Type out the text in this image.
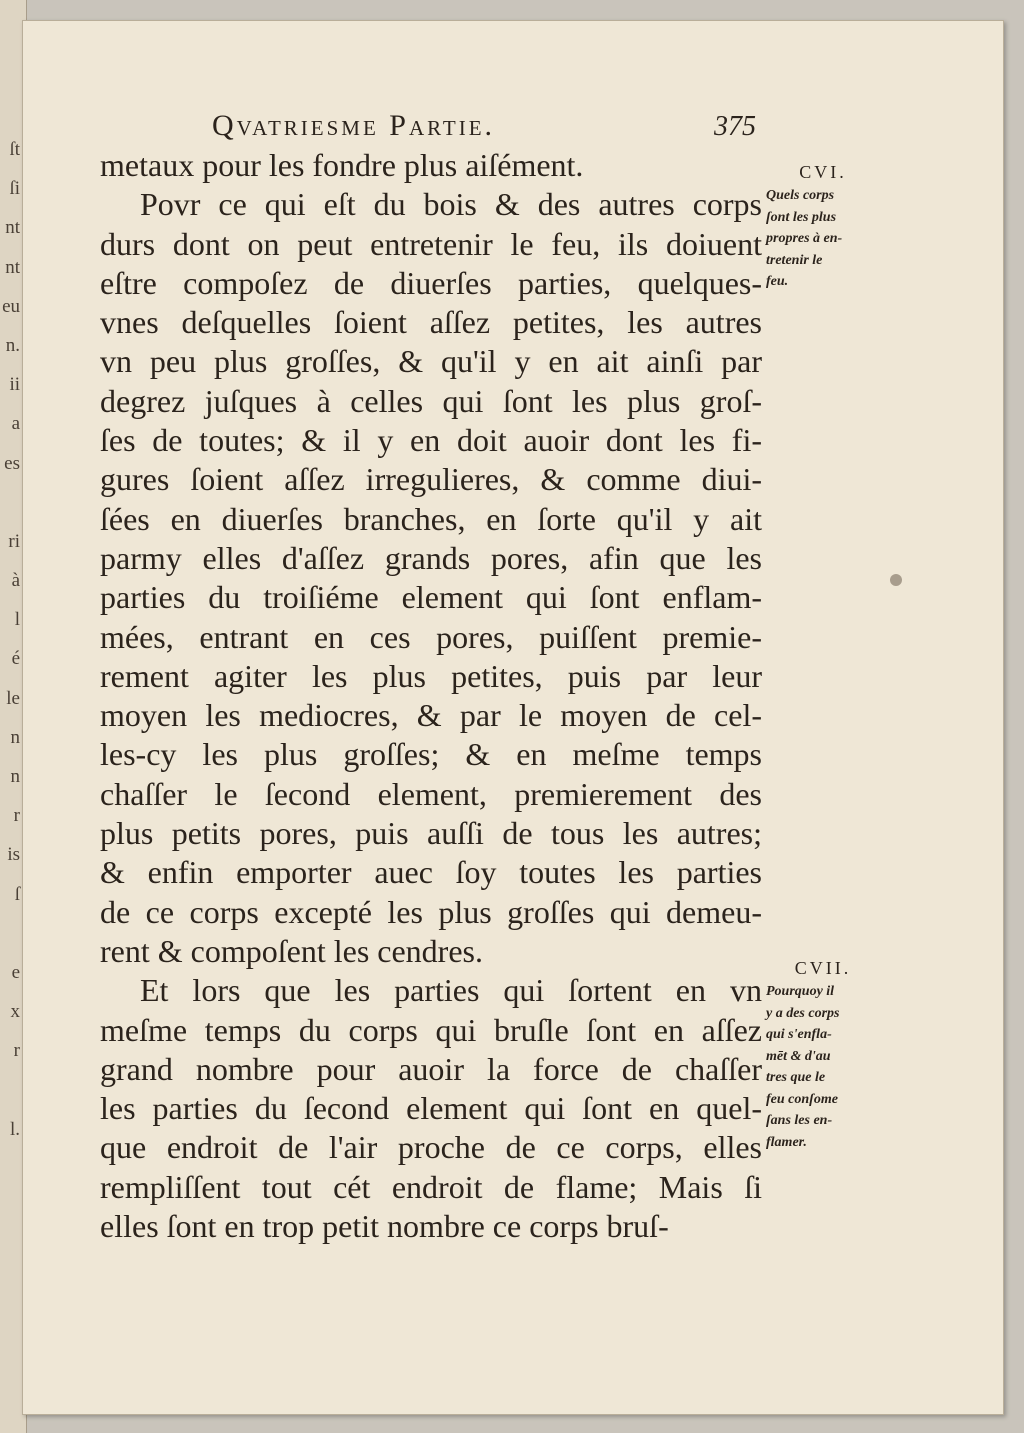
ſt
ſi
nt
nt
eu
n.
ii
a
es
ri
à
l
é
le
n
n
r
is
ſ
e
x
r
l.
Qvatriesme Partie.	375
metaux pour les fondre plus aiſément.
Povr ce qui eſt du bois & des autres corps
durs dont on peut entretenir le feu, ils doiuent
eſtre compoſez de diuerſes parties, quelques-
vnes deſquelles ſoient aſſez petites, les autres
vn peu plus groſſes, & qu'il y en ait ainſi par
degrez juſques à celles qui ſont les plus groſ-
ſes de toutes; & il y en doit auoir dont les fi-
gures ſoient aſſez irregulieres, & comme diui-
ſées en diuerſes branches, en ſorte qu'il y ait
parmy elles d'aſſez grands pores, afin que les
parties du troiſiéme element qui ſont enflam-
mées, entrant en ces pores, puiſſent premie-
rement agiter les plus petites, puis par leur
moyen les mediocres, & par le moyen de cel-
les-cy les plus groſſes; & en meſme temps
chaſſer le ſecond element, premierement des
plus petits pores, puis auſſi de tous les autres;
& enfin emporter auec ſoy toutes les parties
de ce corps excepté les plus groſſes qui demeu-
rent & compoſent les cendres.
Et lors que les parties qui ſortent en vn
meſme temps du corps qui bruſle ſont en aſſez
grand nombre pour auoir la force de chaſſer
les parties du ſecond element qui ſont en quel-
que endroit de l'air proche de ce corps, elles
rempliſſent tout cét endroit de flame; Mais ſi
elles ſont en trop petit nombre ce corps bruſ-
CVI.
Quels corps
ſont les plus
propres à en-
tretenir le
feu.
CVII.
Pourquoy il
y a des corps
qui s'enfla-
mēt & d'au
tres que le
feu conſome
ſans les en-
flamer.
